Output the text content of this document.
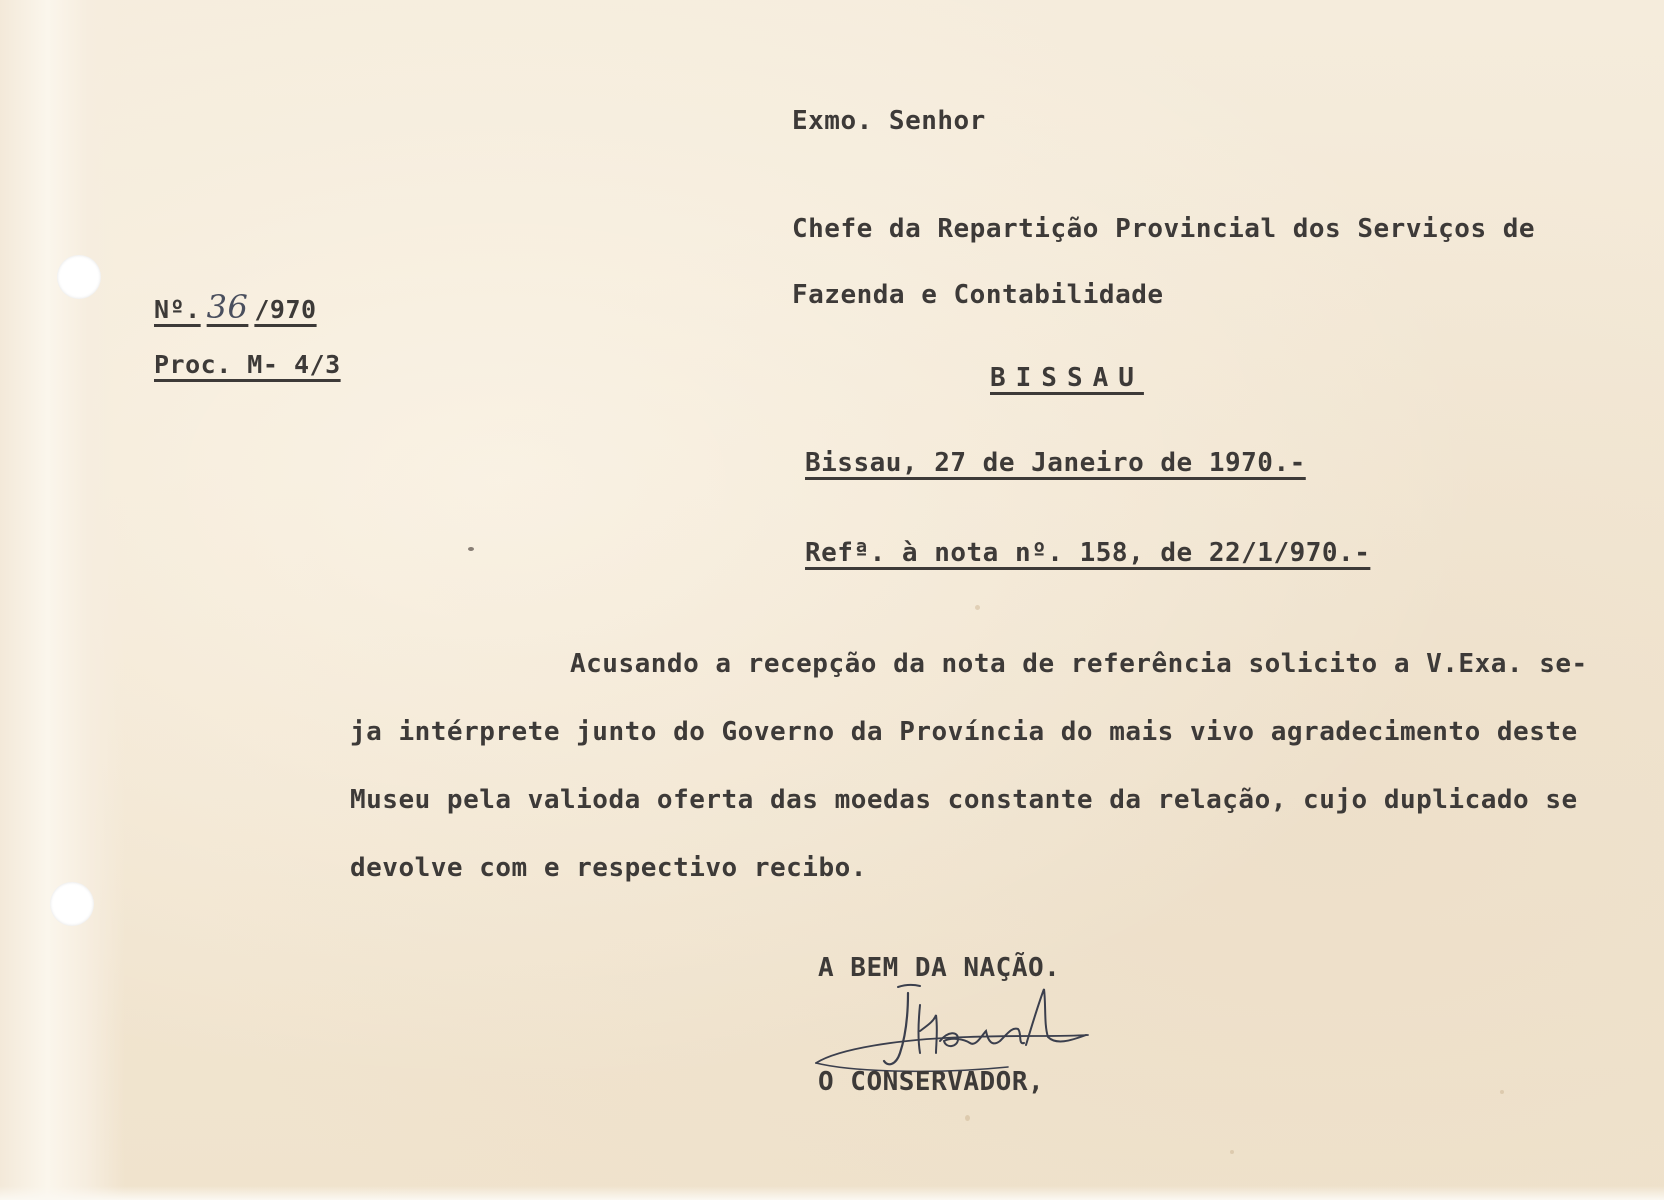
Exmo. Senhor
Chefe da Repartição Provincial dos Serviços de
Fazenda e Contabilidade
Nº. 36 /970
Proc. M- 4/3	BISSAU
Bissau, 27 de Janeiro de 1970.-
Refª. à nota nº. 158, de 22/1/970.-
Acusando a recepção da nota de referência solicito a V.Exa. se-
ja intérprete junto do Governo da Província do mais vivo agradecimento deste
Museu pela valioda oferta das moedas constante da relação, cujo duplicado se
devolve com e respectivo recibo.
A BEM DA NAÇÃO.
O CONSERVADOR,
